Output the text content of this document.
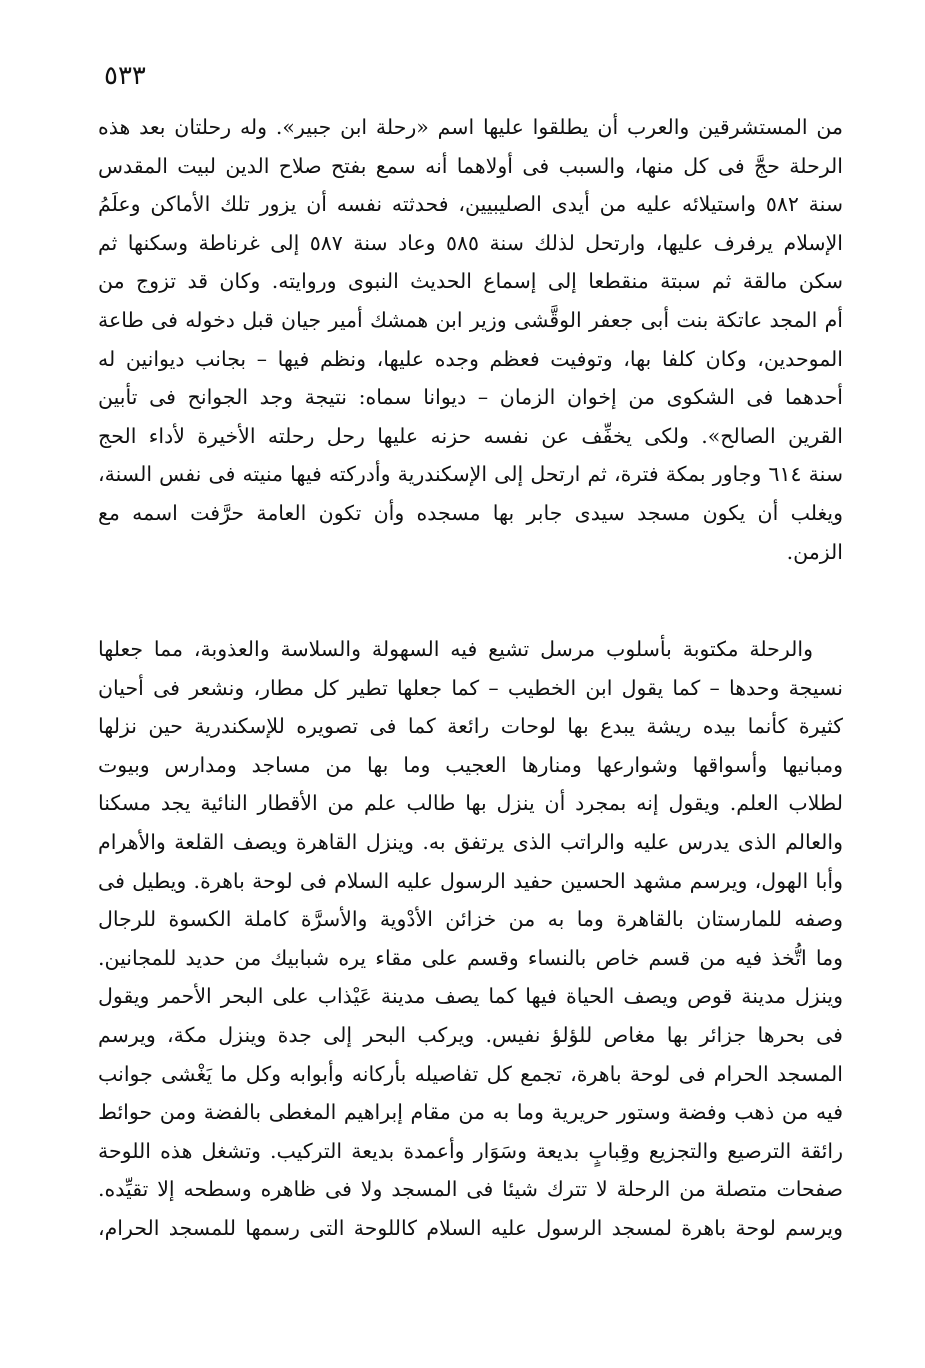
٥٣٣
من المستشرقين والعرب أن يطلقوا عليها اسم «رحلة ابن جبير». وله رحلتان بعد هذه
الرحلة حجَّ فى كل منها، والسبب فى أولاهما أنه سمع بفتح صلاح الدين لبيت المقدس
سنة ٥٨٢ واستيلائه عليه من أيدى الصليبيين، فحدثته نفسه أن يزور تلك الأماكن وعلَمُ
الإسلام يرفرف عليها، وارتحل لذلك سنة ٥٨٥ وعاد سنة ٥٨٧ إلى غرناطة وسكنها ثم
سكن مالقة ثم سبتة منقطعا إلى إسماع الحديث النبوى وروايته. وكان قد تزوج من
أم المجد عاتكة بنت أبى جعفر الوقَّشى وزير ابن همشك أمير جيان قبل دخوله فى طاعة
الموحدين، وكان كلفا بها، وتوفيت فعظم وجده عليها، ونظم فيها – بجانب ديوانين له
أحدهما فى الشكوى من إخوان الزمان – ديوانا سماه: نتيجة وجد الجوانح فى تأبين
القرين الصالح». ولكى يخفِّف عن نفسه حزنه عليها رحل رحلته الأخيرة لأداء الحج
سنة ٦١٤ وجاور بمكة فترة، ثم ارتحل إلى الإسكندرية وأدركته فيها منيته فى نفس السنة،
ويغلب أن يكون مسجد سيدى جابر بها مسجده وأن تكون العامة حرَّفت اسمه مع
الزمن.
والرحلة مكتوبة بأسلوب مرسل تشيع فيه السهولة والسلاسة والعذوبة، مما جعلها
نسيجة وحدها – كما يقول ابن الخطيب – كما جعلها تطير كل مطار، ونشعر فى أحيان
كثيرة كأنما بيده ريشة يبدع بها لوحات رائعة كما فى تصويره للإسكندرية حين نزلها
ومبانيها وأسواقها وشوارعها ومنارها العجيب وما بها من مساجد ومدارس وبيوت
لطلاب العلم. ويقول إنه بمجرد أن ينزل بها طالب علم من الأقطار النائية يجد مسكنا
والعالم الذى يدرس عليه والراتب الذى يرتفق به. وينزل القاهرة ويصف القلعة والأهرام
وأبا الهول، ويرسم مشهد الحسين حفيد الرسول عليه السلام فى لوحة باهرة. ويطيل فى
وصفه للمارستان بالقاهرة وما به من خزائن الأدْوية والأسرَّة كاملة الكسوة للرجال
وما اتُّخذ فيه من قسم خاص بالنساء وقسم على مقاء يره شبابيك من حديد للمجانين.
وينزل مدينة قوص ويصف الحياة فيها كما يصف مدينة عَيْذاب على البحر الأحمر ويقول
فى بحرها جزائر بها مغاص للؤلؤ نفيس. ويركب البحر إلى جدة وينزل مكة، ويرسم
المسجد الحرام فى لوحة باهرة، تجمع كل تفاصيله بأركانه وأبوابه وكل ما يَغْشى جوانب
فيه من ذهب وفضة وستور حريرية وما به من مقام إبراهيم المغطى بالفضة ومن حوائط
رائقة الترصيع والتجزيع وقِبابٍ بديعة وسَوَار وأعمدة بديعة التركيب. وتشغل هذه اللوحة
صفحات متصلة من الرحلة لا تترك شيئا فى المسجد ولا فى ظاهره وسطحه إلا تقيِّده.
ويرسم لوحة باهرة لمسجد الرسول عليه السلام كاللوحة التى رسمها للمسجد الحرام،
